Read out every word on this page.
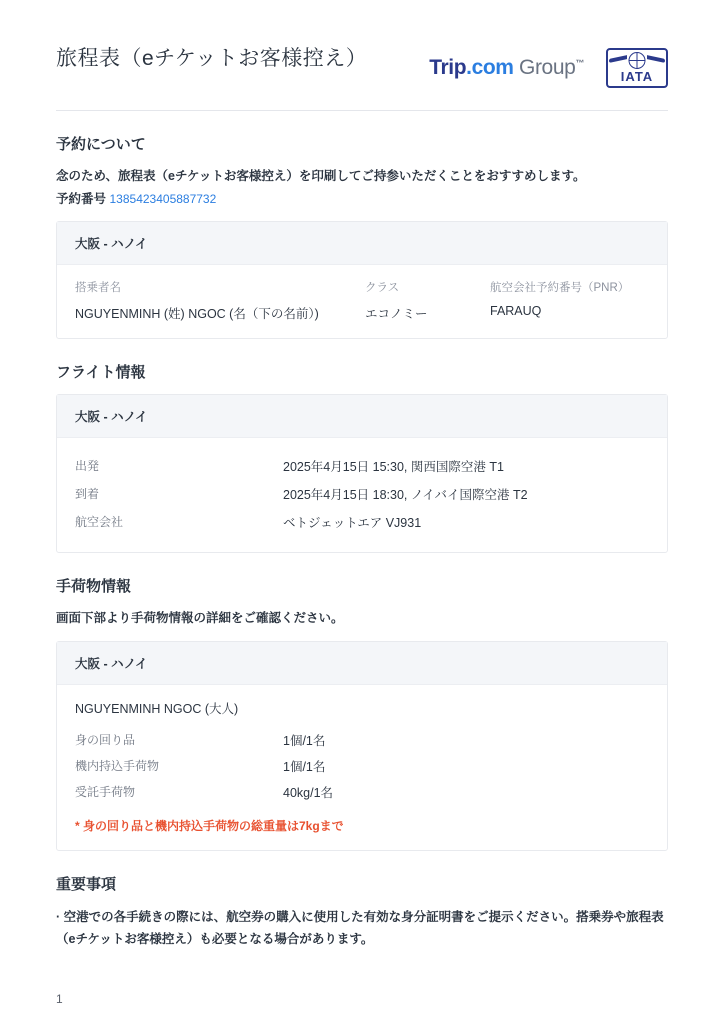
旅程表（eチケットお客様控え）	Trip.com Group™
IATA
予約について

念のため、旅程表（eチケットお客様控え）を印刷してご持参いただくことをおすすめします。

予約番号 1385423405887732

大阪 - ハノイ
搭乗者名	クラス	航空会社予約番号（PNR）
NGUYENMINH (姓) NGOC (名（下の名前）)	エコノミー	FARAUQ
フライト情報
大阪 - ハノイ
出発	2025年4月15日 15:30, 関西国際空港 T1
到着	2025年4月15日 18:30, ノイバイ国際空港 T2
航空会社	ベトジェットエア VJ931
手荷物情報

画面下部より手荷物情報の詳細をご確認ください。

大阪 - ハノイ
NGUYENMINH NGOC (大人)
身の回り品	1個/1名
機内持込手荷物	1個/1名
受託手荷物	40kg/1名
* 身の回り品と機内持込手荷物の総重量は7kgまで
重要事項

· 空港での各手続きの際には、航空券の購入に使用した有効な身分証明書をご提示ください。搭乗券や旅程表（eチケットお客様控え）も必要となる場合があります。

1
